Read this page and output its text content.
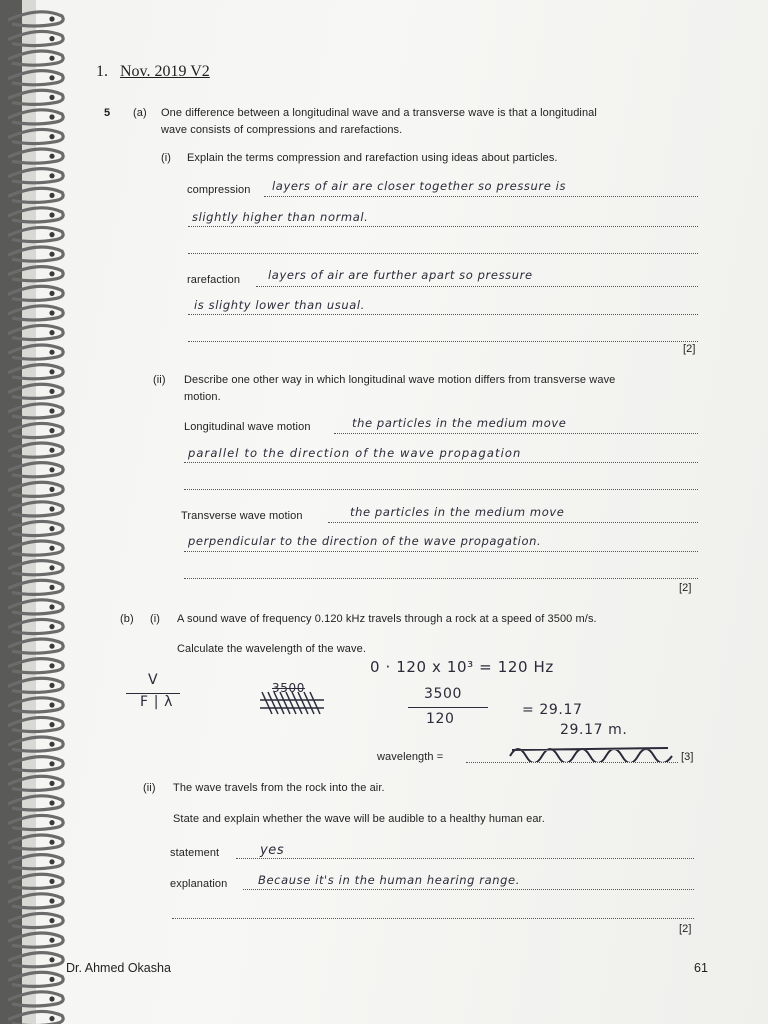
1. Nov. 2019 V2
5 (a) One difference between a longitudinal wave and a transverse wave is that a longitudinal
wave consists of compressions and rarefactions.
(i) Explain the terms compression and rarefaction using ideas about particles.
compression layers of air are closer together so pressure is
slightly higher than normal.
rarefaction layers of air are further apart so pressure
is slighty lower than usual.
[2]
(ii) Describe one other way in which longitudinal wave motion differs from transverse wave
motion.
Longitudinal wave motion	the particles in the medium move
parallel to the direction of the wave propagation
Transverse wave motion	the particles in the medium move
perpendicular to the direction of the wave propagation.
[2]
(b) (i) A sound wave of frequency 0.120 kHz travels through a rock at a speed of 3500 m/s.
Calculate the wavelength of the wave.
0 · 120 x 10³ = 120 Hz
V
F | λ
3500	3500
120
= 29.17
29.17 m.
wavelength =	[3]
(ii) The wave travels from the rock into the air.
State and explain whether the wave will be audible to a healthy human ear.
statement	yes
explanation	Because it's in the human hearing range.
[2]
Dr. Ahmed Okasha	61
